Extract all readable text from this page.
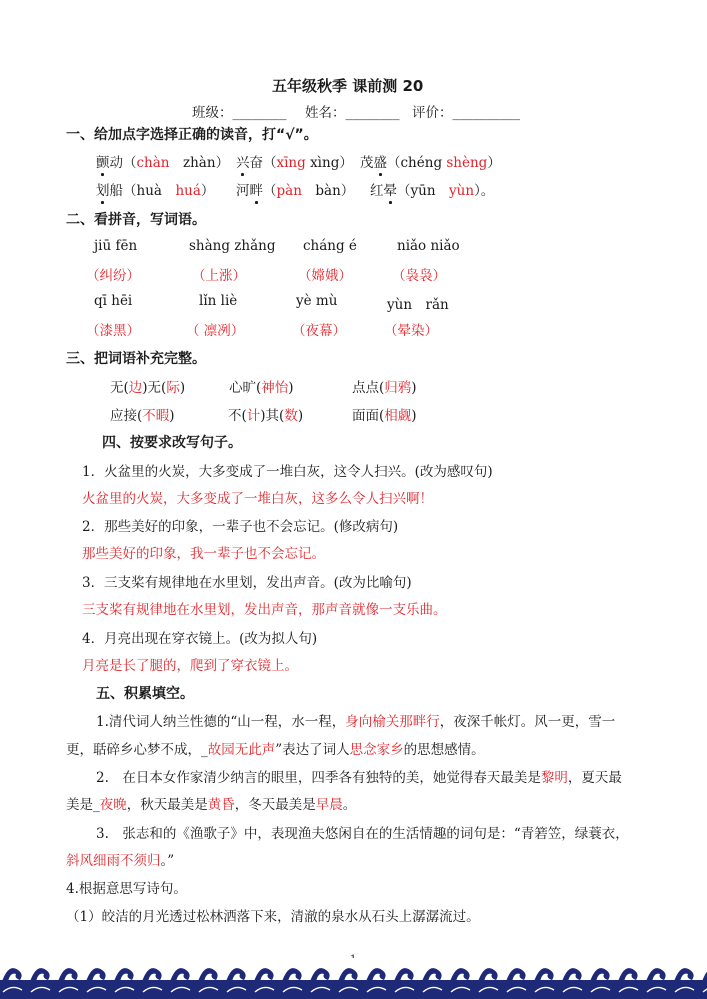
五年级秋季 课前测 20
班级：________ 姓名：________ 评价：__________
一、给加点字选择正确的读音，打“√”。
颤动（chàn　zhàn） 兴奋（xīng xìng） 茂盛（chéng shèng）
划船（huà　huá） 河畔（pàn　bàn） 红晕（yūn　yùn）。
二、看拼音，写词语。
jiū fēn	shàng zhǎng cháng é	niǎo niǎo
（纠纷）	（上涨）	（嫦娥）	（袅袅）
qī hēi	lǐn liè	yè mù	yùn　rǎn
（漆黑）	（ 凛冽）	（夜幕）	（晕染）
三、把词语补充完整。
无(边)无(际)	心旷(神怡)	点点(归鸦)
应接(不暇)	不(计)其(数)	面面(相觑)
四、按要求改写句子。
1．火盆里的火炭，大多变成了一堆白灰，这令人扫兴。(改为感叹句)
火盆里的火炭，大多变成了一堆白灰，这多么令人扫兴啊！
2．那些美好的印象，一辈子也不会忘记。(修改病句)
那些美好的印象，我一辈子也不会忘记。
3．三支桨有规律地在水里划，发出声音。(改为比喻句)
三支桨有规律地在水里划，发出声音，那声音就像一支乐曲。
4．月亮出现在穿衣镜上。(改为拟人句)
月亮是长了腿的，爬到了穿衣镜上。
五、积累填空。
1.清代词人纳兰性德的“山一程，水一程，身向榆关那畔行，夜深千帐灯。风一更，雪一
更，聒碎乡心梦不成，_故园无此声”表达了词人思念家乡的思想感情。
2.　在日本女作家清少纳言的眼里，四季各有独特的美，她觉得春天最美是黎明，夏天最
美是_夜晚，秋天最美是黄昏，冬天最美是早晨。
3.　张志和的《渔歌子》中，表现渔夫悠闲自在的生活情趣的词句是：“青箬笠，绿蓑衣，
斜风细雨不须归。”
4.根据意思写诗句。
（1）皎洁的月光透过松林洒落下来，清澈的泉水从石头上潺潺流过。
